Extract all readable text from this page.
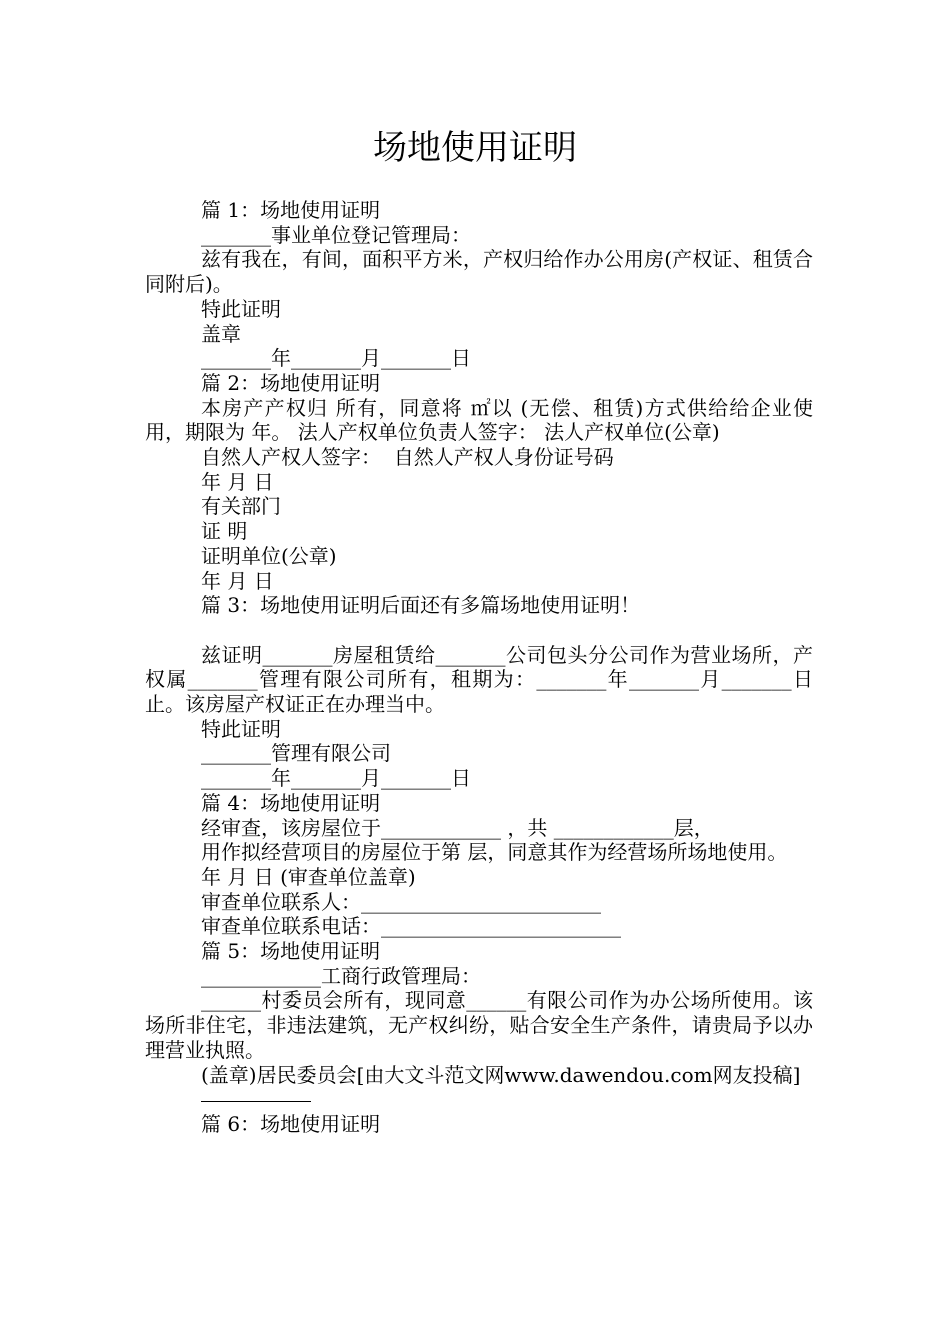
场地使用证明
篇 1：场地使用证明
_______事业单位登记管理局：
兹有我在，有间，面积平方米，产权归给作办公用房(产权证、租赁合同附后)。
特此证明
盖章
_______年_______月_______日
篇 2：场地使用证明
本房产产权归 所有，同意将 ㎡以 (无偿、租赁)方式供给给企业使用，期限为 年。 法人产权单位负责人签字： 法人产权单位(公章)
自然人产权人签字：  自然人产权人身份证号码
年 月 日
有关部门
证 明
证明单位(公章)
年 月 日
篇 3：场地使用证明后面还有多篇场地使用证明！
兹证明_______房屋租赁给_______公司包头分公司作为营业场所，产权属_______管理有限公司所有，租期为：_______年_______月_______日止。该房屋产权证正在办理当中。
特此证明
_______管理有限公司
_______年_______月_______日
篇 4：场地使用证明
经审查，该房屋位于____________ ，共 ____________层，
用作拟经营项目的房屋位于第 层，同意其作为经营场所场地使用。
年 月 日 (审查单位盖章)
审查单位联系人：________________________
审查单位联系电话：________________________
篇 5：场地使用证明
____________工商行政管理局：
______村委员会所有，现同意______有限公司作为办公场所使用。该场所非住宅，非违法建筑，无产权纠纷，贴合安全生产条件，请贵局予以办理营业执照。
(盖章)居民委员会[由大文斗范文网www.dawendou.com网友投稿]
篇 6：场地使用证明
